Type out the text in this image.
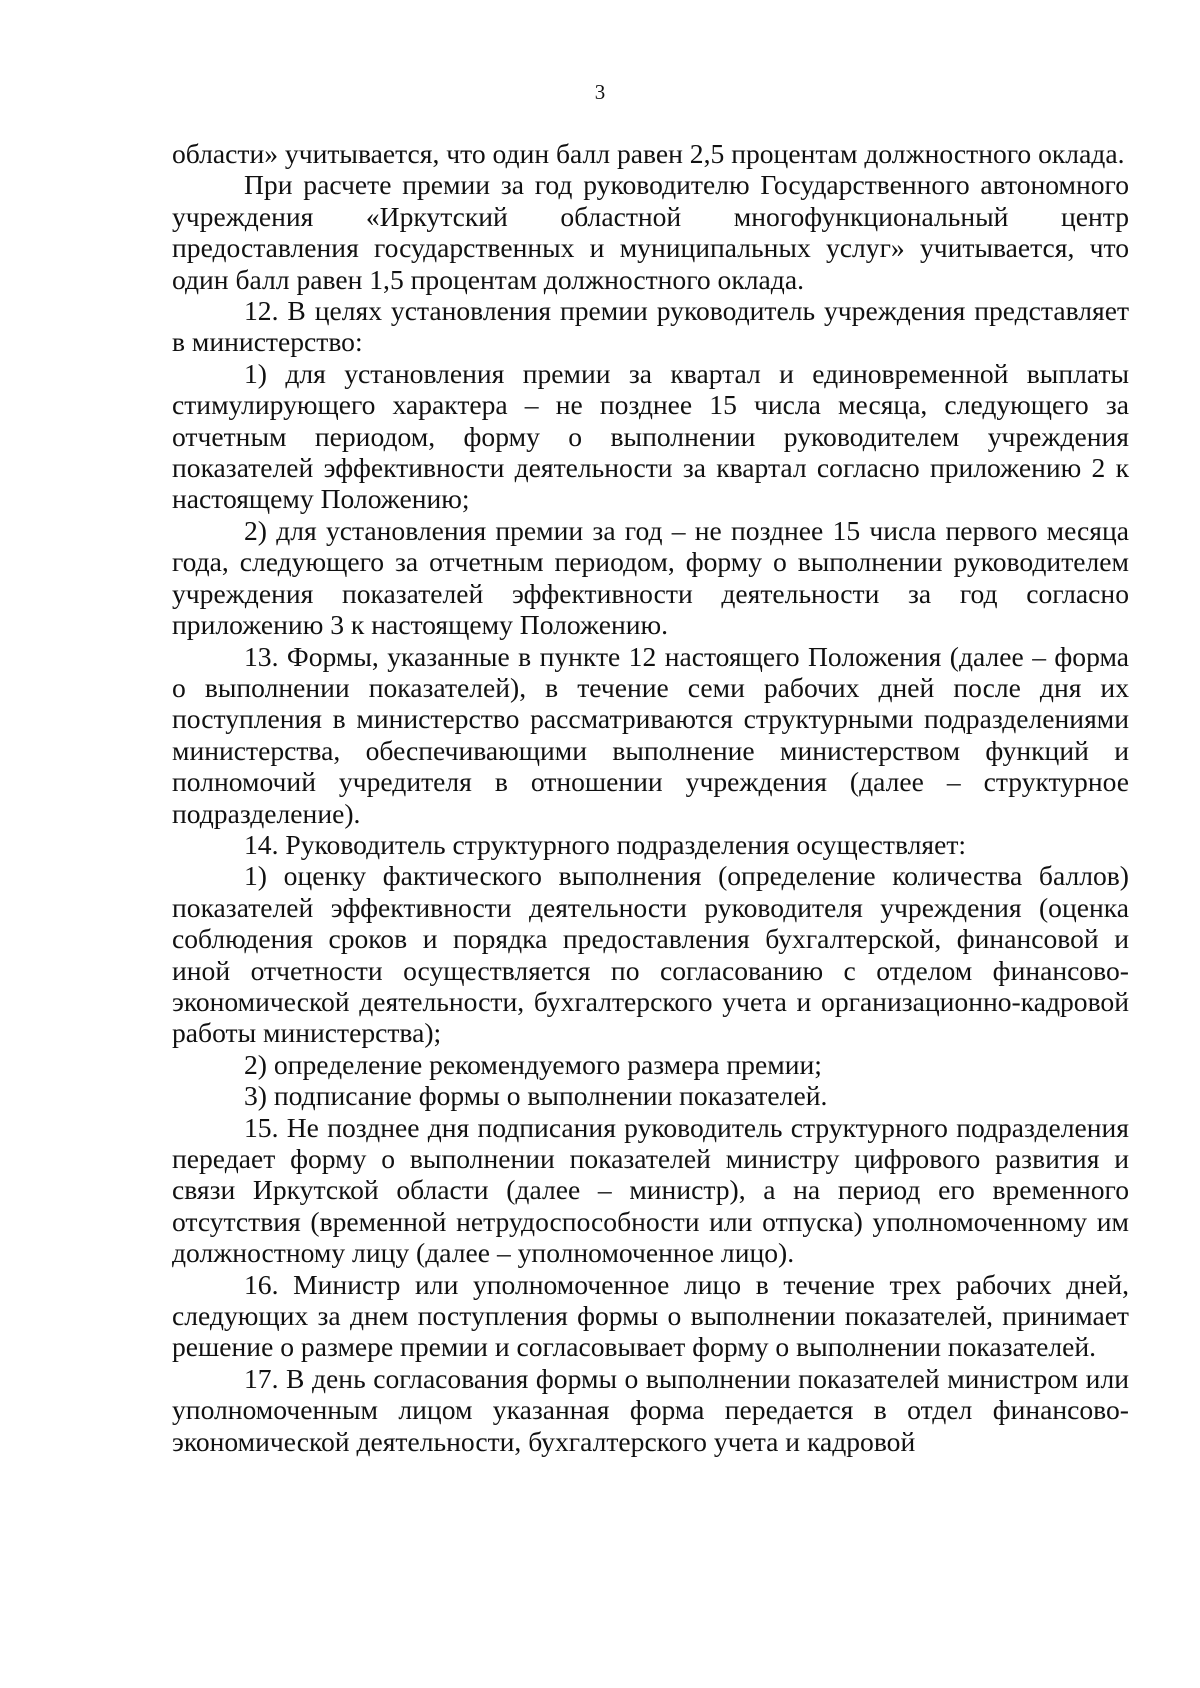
3

области» учитывается, что один балл равен 2,5 процентам должностного оклада.

При расчете премии за год руководителю Государственного автономного учреждения «Иркутский областной многофункциональный центр предоставления государственных и муниципальных услуг» учитывается, что один балл равен 1,5 процентам должностного оклада.

12. В целях установления премии руководитель учреждения представляет в министерство:

1) для установления премии за квартал и единовременной выплаты стимулирующего характера – не позднее 15 числа месяца, следующего за отчетным периодом, форму о выполнении руководителем учреждения показателей эффективности деятельности за квартал согласно приложению 2 к настоящему Положению;

2) для установления премии за год – не позднее 15 числа первого месяца года, следующего за отчетным периодом, форму о выполнении руководителем учреждения показателей эффективности деятельности за год согласно приложению 3 к настоящему Положению.

13. Формы, указанные в пункте 12 настоящего Положения (далее – форма о выполнении показателей), в течение семи рабочих дней после дня их поступления в министерство рассматриваются структурными подразделениями министерства, обеспечивающими выполнение министерством функций и полномочий учредителя в отношении учреждения (далее – структурное подразделение).

14. Руководитель структурного подразделения осуществляет:

1) оценку фактического выполнения (определение количества баллов) показателей эффективности деятельности руководителя учреждения (оценка соблюдения сроков и порядка предоставления бухгалтерской, финансовой и иной отчетности осуществляется по согласованию с отделом финансово-экономической деятельности, бухгалтерского учета и организационно-кадровой работы министерства);

2) определение рекомендуемого размера премии;

3) подписание формы о выполнении показателей.

15. Не позднее дня подписания руководитель структурного подразделения передает форму о выполнении показателей министру цифрового развития и связи Иркутской области (далее – министр), а на период его временного отсутствия (временной нетрудоспособности или отпуска) уполномоченному им должностному лицу (далее – уполномоченное лицо).

16. Министр или уполномоченное лицо в течение трех рабочих дней, следующих за днем поступления формы о выполнении показателей, принимает решение о размере премии и согласовывает форму о выполнении показателей.

17. В день согласования формы о выполнении показателей министром или уполномоченным лицом указанная форма передается в отдел финансово-экономической деятельности, бухгалтерского учета и кадровой
